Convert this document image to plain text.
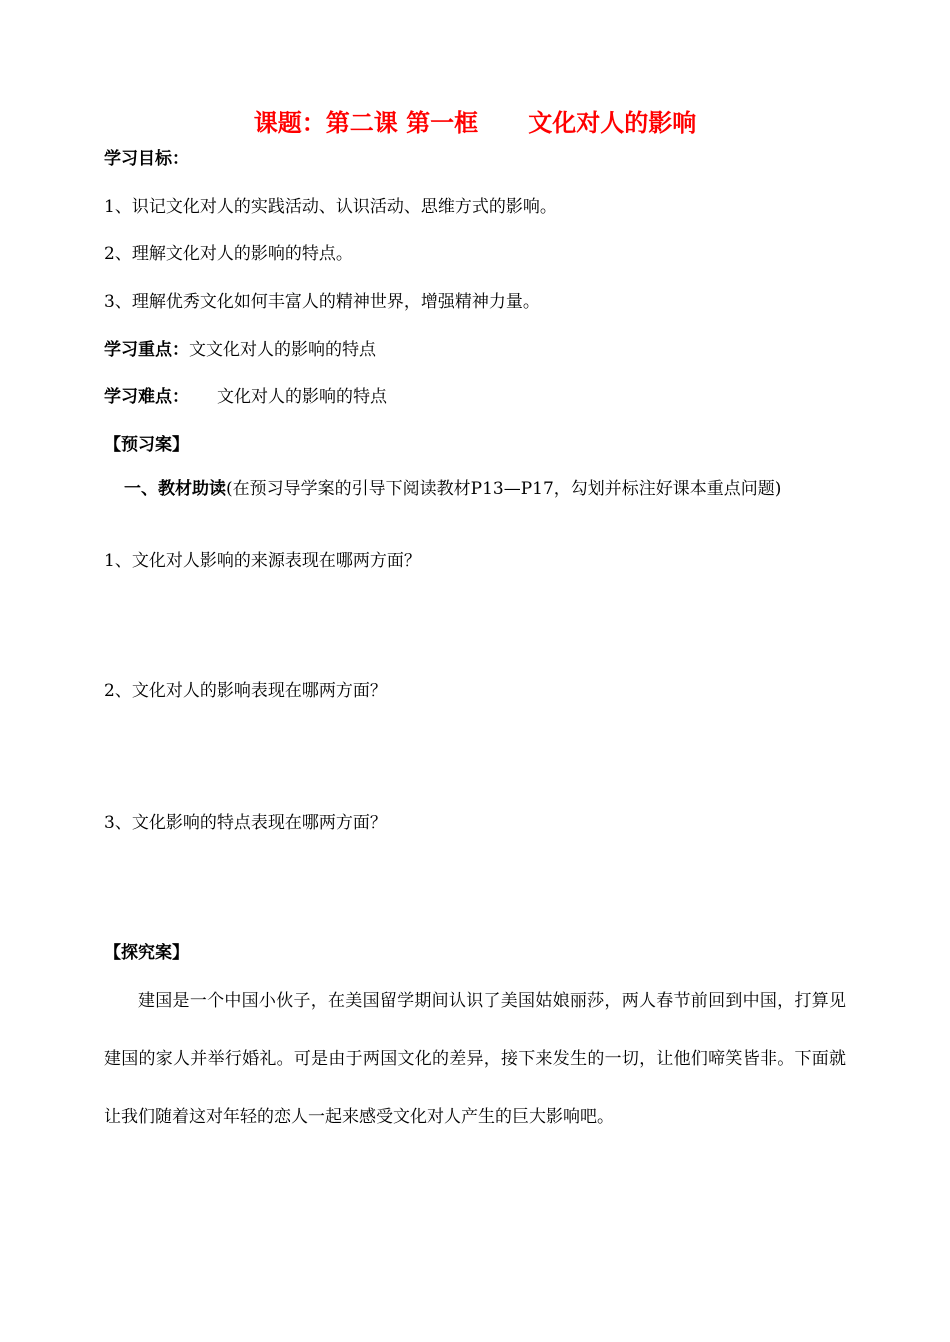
课题：第二课 第一框      文化对人的影响
学习目标：
1、识记文化对人的实践活动、认识活动、思维方式的影响。
2、理解文化对人的影响的特点。
3、理解优秀文化如何丰富人的精神世界，增强精神力量。
学习重点：文文化对人的影响的特点
学习难点： 文化对人的影响的特点
【预习案】
一、教材助读(在预习导学案的引导下阅读教材P13—P17，勾划并标注好课本重点问题)
1、文化对人影响的来源表现在哪两方面？
2、文化对人的影响表现在哪两方面？
3、文化影响的特点表现在哪两方面？
【探究案】
建国是一个中国小伙子，在美国留学期间认识了美国姑娘丽莎，两人春节前回到中国，打算见建国的家人并举行婚礼。可是由于两国文化的差异，接下来发生的一切，让他们啼笑皆非。下面就让我们随着这对年轻的恋人一起来感受文化对人产生的巨大影响吧。
